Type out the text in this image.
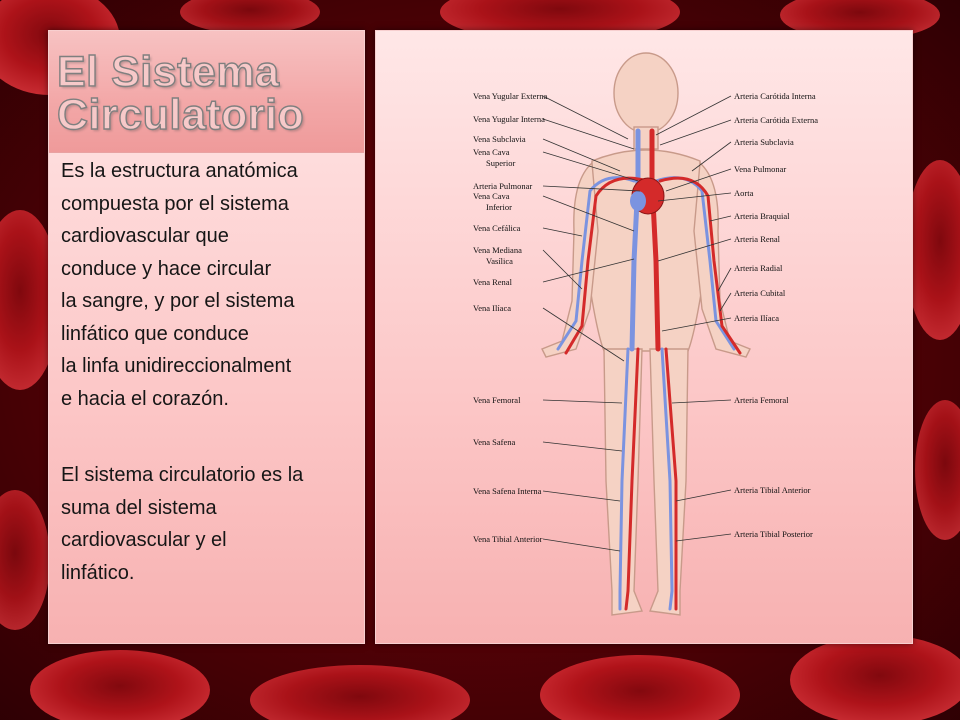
El Sistema
Circulatorio
Es la estructura anatómica
compuesta por el sistema
cardiovascular que
conduce y hace circular
la sangre, y por el sistema
linfático que conduce
la linfa unidireccionalment
e hacia el corazón.
El sistema circulatorio es la
suma del sistema
cardiovascular y el
linfático.
Vena Yugular Externa
Vena Yugular Interna
Vena Subclavia
Vena Cava
Superior
Arteria Pulmonar
Vena Cava
Inferior
Vena Cefálica
Vena Mediana
Vasílica
Vena Renal
Vena Ilíaca
Vena Femoral
Vena Safena
Vena Safena Interna
Vena Tibial Anterior
Arteria Carótida Interna
Arteria Carótida Externa
Arteria Subclavia
Vena Pulmonar
Aorta
Arteria Braquial
Arteria Renal
Arteria Radial
Arteria Cubital
Arteria Ilíaca
Arteria Femoral
Arteria Tibial Anterior
Arteria Tibial Posterior
